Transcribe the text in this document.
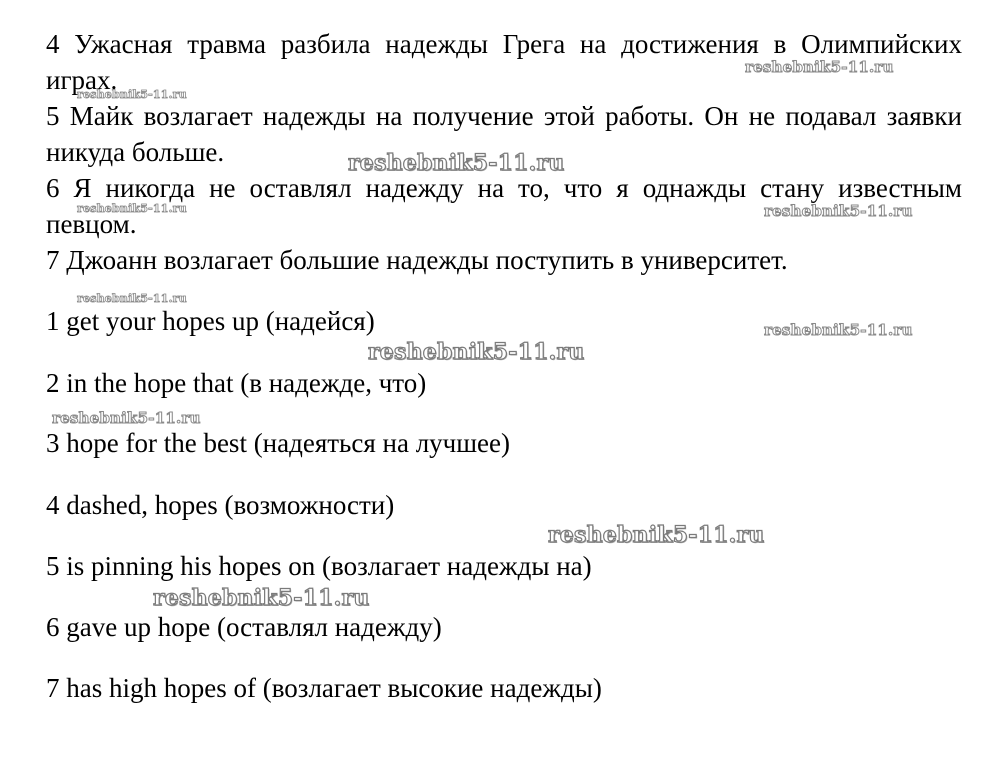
4 Ужасная травма разбила надежды Грега на достижения в Олимпийских играх.

5 Майк возлагает надежды на получение этой работы. Он не подавал заявки никуда больше.

6 Я никогда не оставлял надежду на то, что я однажды стану известным певцом.

7 Джоанн возлагает большие надежды поступить в университет.

1 get your hopes up (надейся)

2 in the hope that (в надежде, что)

3 hope for the best (надеяться на лучшее)

4 dashed, hopes (возможности)

5 is pinning his hopes on (возлагает надежды на)

6 gave up hope (оставлял надежду)

7 has high hopes of (возлагает высокие надежды)

reshebnik5-11.ru
reshebnik5-11.ru
reshebnik5-11.ru
reshebnik5-11.ru	reshebnik5-11.ru
reshebnik5-11.ru
reshebnik5-11.ru
reshebnik5-11.ru
reshebnik5-11.ru
reshebnik5-11.ru
reshebnik5-11.ru
